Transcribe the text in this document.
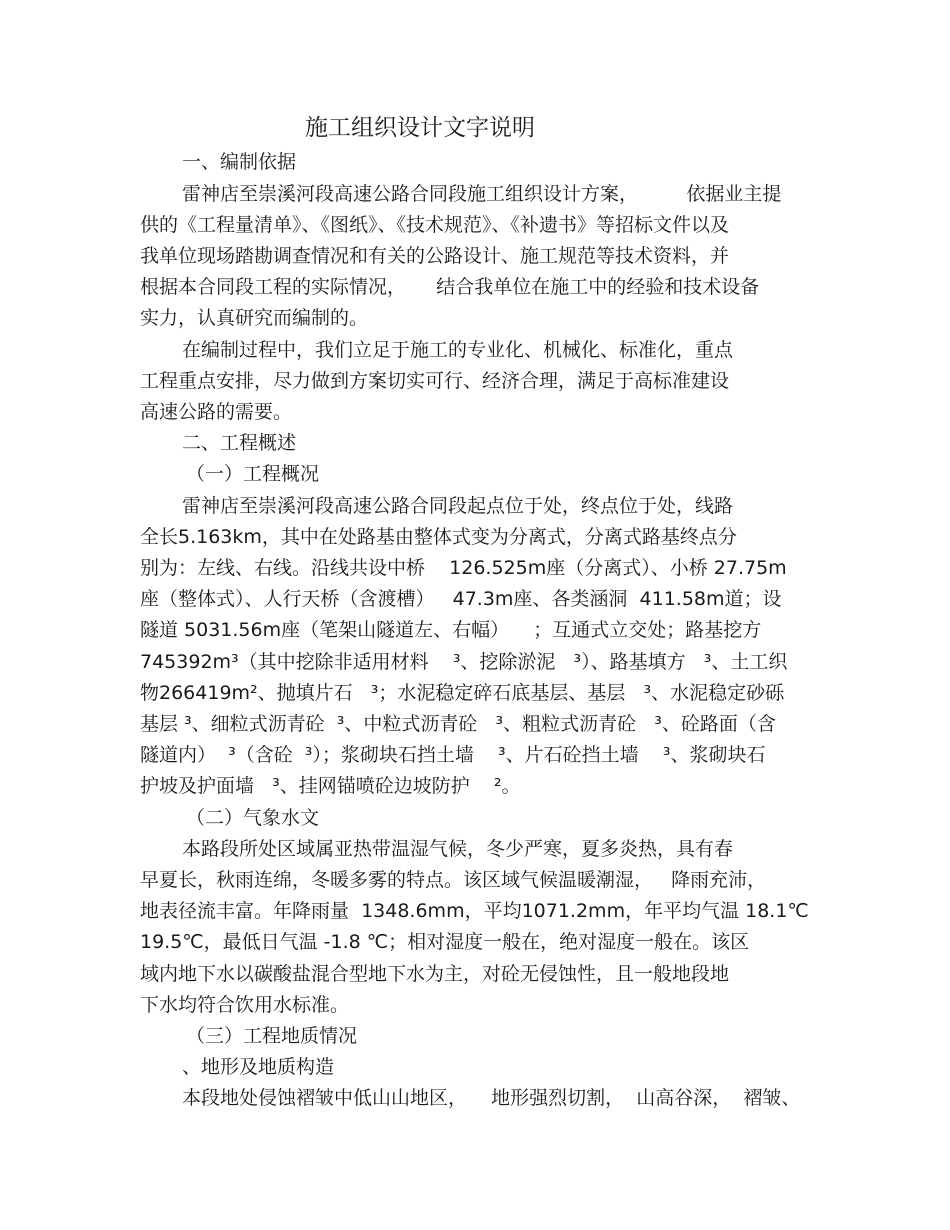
施工组织设计文字说明
一、编制依据
雷神店至崇溪河段高速公路合同段施工组织设计方案，        依据业主提
供的《工程量清单》、《图纸》、《技术规范》、《补遗书》等招标文件以及
我单位现场踏勘调查情况和有关的公路设计、施工规范等技术资料，并
根据本合同段工程的实际情况，     结合我单位在施工中的经验和技术设备
实力，认真研究而编制的。
在编制过程中，我们立足于施工的专业化、机械化、标准化，重点
工程重点安排，尽力做到方案切实可行、经济合理，满足于高标准建设
高速公路的需要。
二、工程概述
（一）工程概况
雷神店至崇溪河段高速公路合同段起点位于处，终点位于处，线路
全长5.163km，其中在处路基由整体式变为分离式，分离式路基终点分
别为：左线、右线。沿线共设中桥    126.525m座（分离式）、小桥 27.75m
座（整体式）、人行天桥（含渡槽）   47.3m座、各类涵洞  411.58m道；设
隧道 5031.56m座（笔架山隧道左、右幅）    ；互通式立交处；路基挖方
745392m³（其中挖除非适用材料    ³、挖除淤泥   ³）、路基填方   ³、土工织
物266419m²、抛填片石   ³；水泥稳定碎石底基层、基层   ³、水泥稳定砂砾
基层 ³、细粒式沥青砼  ³、中粒式沥青砼   ³、粗粒式沥青砼   ³、砼路面（含
隧道内）  ³（含砼  ³）；浆砌块石挡土墙    ³、片石砼挡土墙    ³、浆砌块石
护坡及护面墙   ³、挂网锚喷砼边坡防护    ²。
（二）气象水文
本路段所处区域属亚热带温湿气候，冬少严寒，夏多炎热，具有春
早夏长，秋雨连绵，冬暖多雾的特点。该区域气候温暖潮湿，   降雨充沛，
地表径流丰富。年降雨量  1348.6mm，平均1071.2mm，年平均气温 18.1℃
19.5℃，最低日气温 -1.8 ℃；相对湿度一般在，绝对湿度一般在。该区
域内地下水以碳酸盐混合型地下水为主，对砼无侵蚀性，且一般地段地
下水均符合饮用水标准。
（三）工程地质情况
、地形及地质构造
本段地处侵蚀褶皱中低山山地区，    地形强烈切割，  山高谷深，  褶皱、
